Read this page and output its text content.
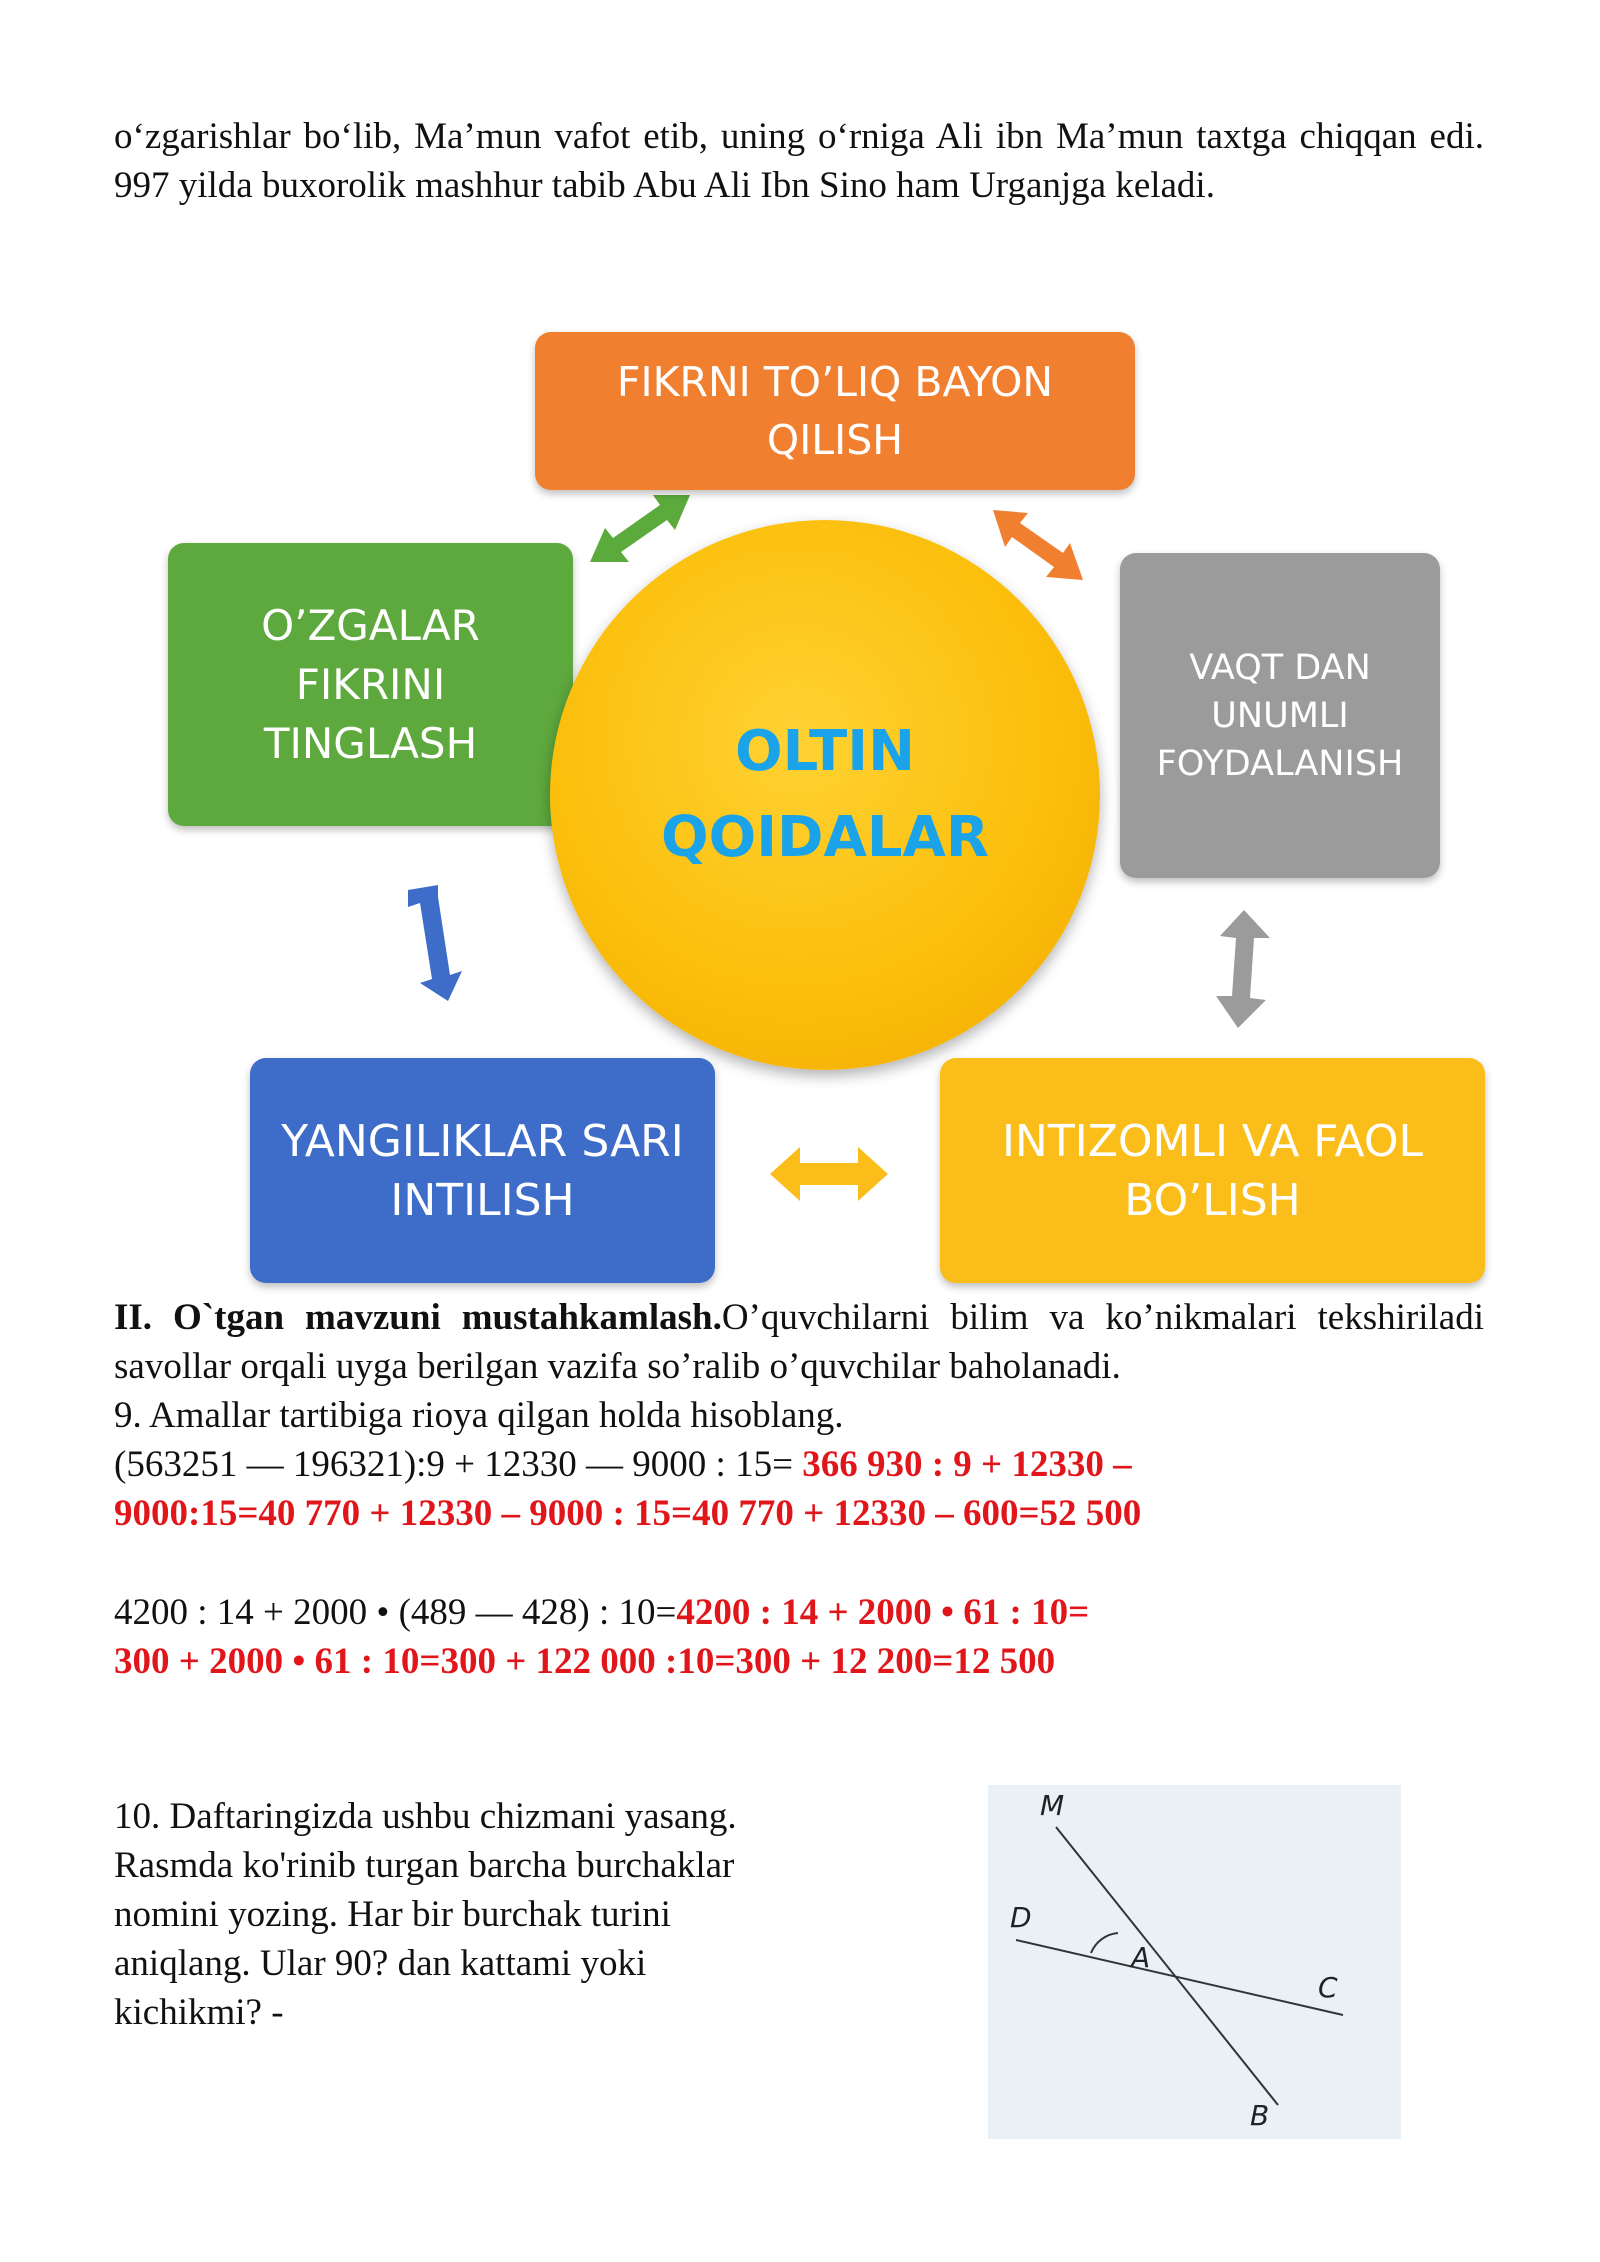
o‘zgarishlar bo‘lib, Ma’mun vafot etib, uning o‘rniga Ali ibn Ma’mun taxtga chiqqan edi. 997 yilda buxorolik mashhur tabib Abu Ali Ibn Sino ham Urganjga keladi.
FIKRNI TO’LIQ BAYON
QILISH
O’ZGALAR
FIKRINI
TINGLASH
VAQT DAN
UNUMLI
FOYDALANISH
OLTIN
QOIDALAR
YANGILIKLAR SARI
INTILISH
INTIZOMLI VA FAOL
BO’LISH
II. O`tgan mavzuni mustahkamlash.O’quvchilarni bilim va ko’nikmalari tekshiriladi savollar orqali uyga berilgan vazifa so’ralib o’quvchilar baholanadi.
9. Amallar tartibiga rioya qilgan holda hisoblang.
(563251 — 196321):9 + 12330 — 9000 : 15= 366 930 : 9 + 12330 –
9000:15=40 770 + 12330 – 9000 : 15=40 770 + 12330 – 600=52 500
4200 : 14 + 2000 • (489 — 428) : 10=4200 : 14 + 2000 • 61 : 10=
300 + 2000 • 61 : 10=300 + 122 000 :10=300 + 12 200=12 500
10. Daftaringizda ushbu chizmani yasang.
Rasmda ko'rinib turgan barcha burchaklar
nomini yozing. Har bir burchak turini
aniqlang. Ular 90? dan kattami yoki
kichikmi? -
M
D
A
C
B
